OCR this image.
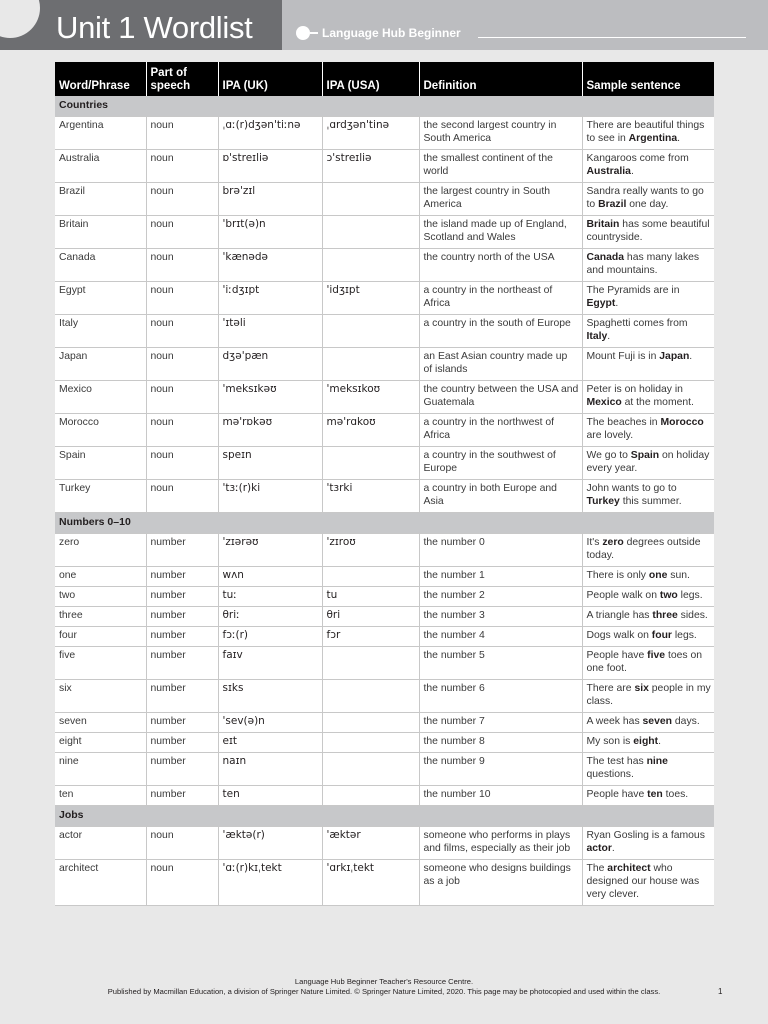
Unit 1 Wordlist	Language Hub Beginner
Word/Phrase	Part of speech	IPA (UK)	IPA (USA)	Definition	Sample sentence
Countries					
Argentina	noun	ˌɑː(r)dʒən'tiːnə	ˌɑrdʒən'tinə	the second largest country in South America	There are beautiful things to see in Argentina.
Australia	noun	ɒ'streɪliə	ɔ'streɪliə	the smallest continent of the world	Kangaroos come from Australia.
Brazil	noun	brə'zɪl		the largest country in South America	Sandra really wants to go to Brazil one day.
Britain	noun	'brɪt(ə)n		the island made up of England, Scotland and Wales	Britain has some beautiful countryside.
Canada	noun	'kænədə		the country north of the USA	Canada has many lakes and mountains.
Egypt	noun	'iːdʒɪpt	'idʒɪpt	a country in the northeast of Africa	The Pyramids are in Egypt.
Italy	noun	'ɪtəli		a country in the south of Europe	Spaghetti comes from Italy.
Japan	noun	dʒə'pæn		an East Asian country made up of islands	Mount Fuji is in Japan.
Mexico	noun	'meksɪkəʊ	'meksɪkoʊ	the country between the USA and Guatemala	Peter is on holiday in Mexico at the moment.
Morocco	noun	mə'rɒkəʊ	mə'rɑkoʊ	a country in the northwest of Africa	The beaches in Morocco are lovely.
Spain	noun	speɪn		a country in the southwest of Europe	We go to Spain on holiday every year.
Turkey	noun	'tɜː(r)ki	'tɜrki	a country in both Europe and Asia	John wants to go to Turkey this summer.
Numbers 0–10					
zero	number	'zɪərəʊ	'zɪroʊ	the number 0	It's zero degrees outside today.
one	number	wʌn		the number 1	There is only one sun.
two	number	tuː	tu	the number 2	People walk on two legs.
three	number	θriː	θri	the number 3	A triangle has three sides.
four	number	fɔː(r)	fɔr	the number 4	Dogs walk on four legs.
five	number	faɪv		the number 5	People have five toes on one foot.
six	number	sɪks		the number 6	There are six people in my class.
seven	number	'sev(ə)n		the number 7	A week has seven days.
eight	number	eɪt		the number 8	My son is eight.
nine	number	naɪn		the number 9	The test has nine questions.
ten	number	ten		the number 10	People have ten toes.
Jobs					
actor	noun	'æktə(r)	'æktər	someone who performs in plays and films, especially as their job	Ryan Gosling is a famous actor.
architect	noun	'ɑː(r)kɪˌtekt	'ɑrkɪˌtekt	someone who designs buildings as a job	The architect who designed our house was very clever.
Language Hub Beginner Teacher's Resource Centre.
Published by Macmillan Education, a division of Springer Nature Limited. © Springer Nature Limited, 2020. This page may be photocopied and used within the class.	1
